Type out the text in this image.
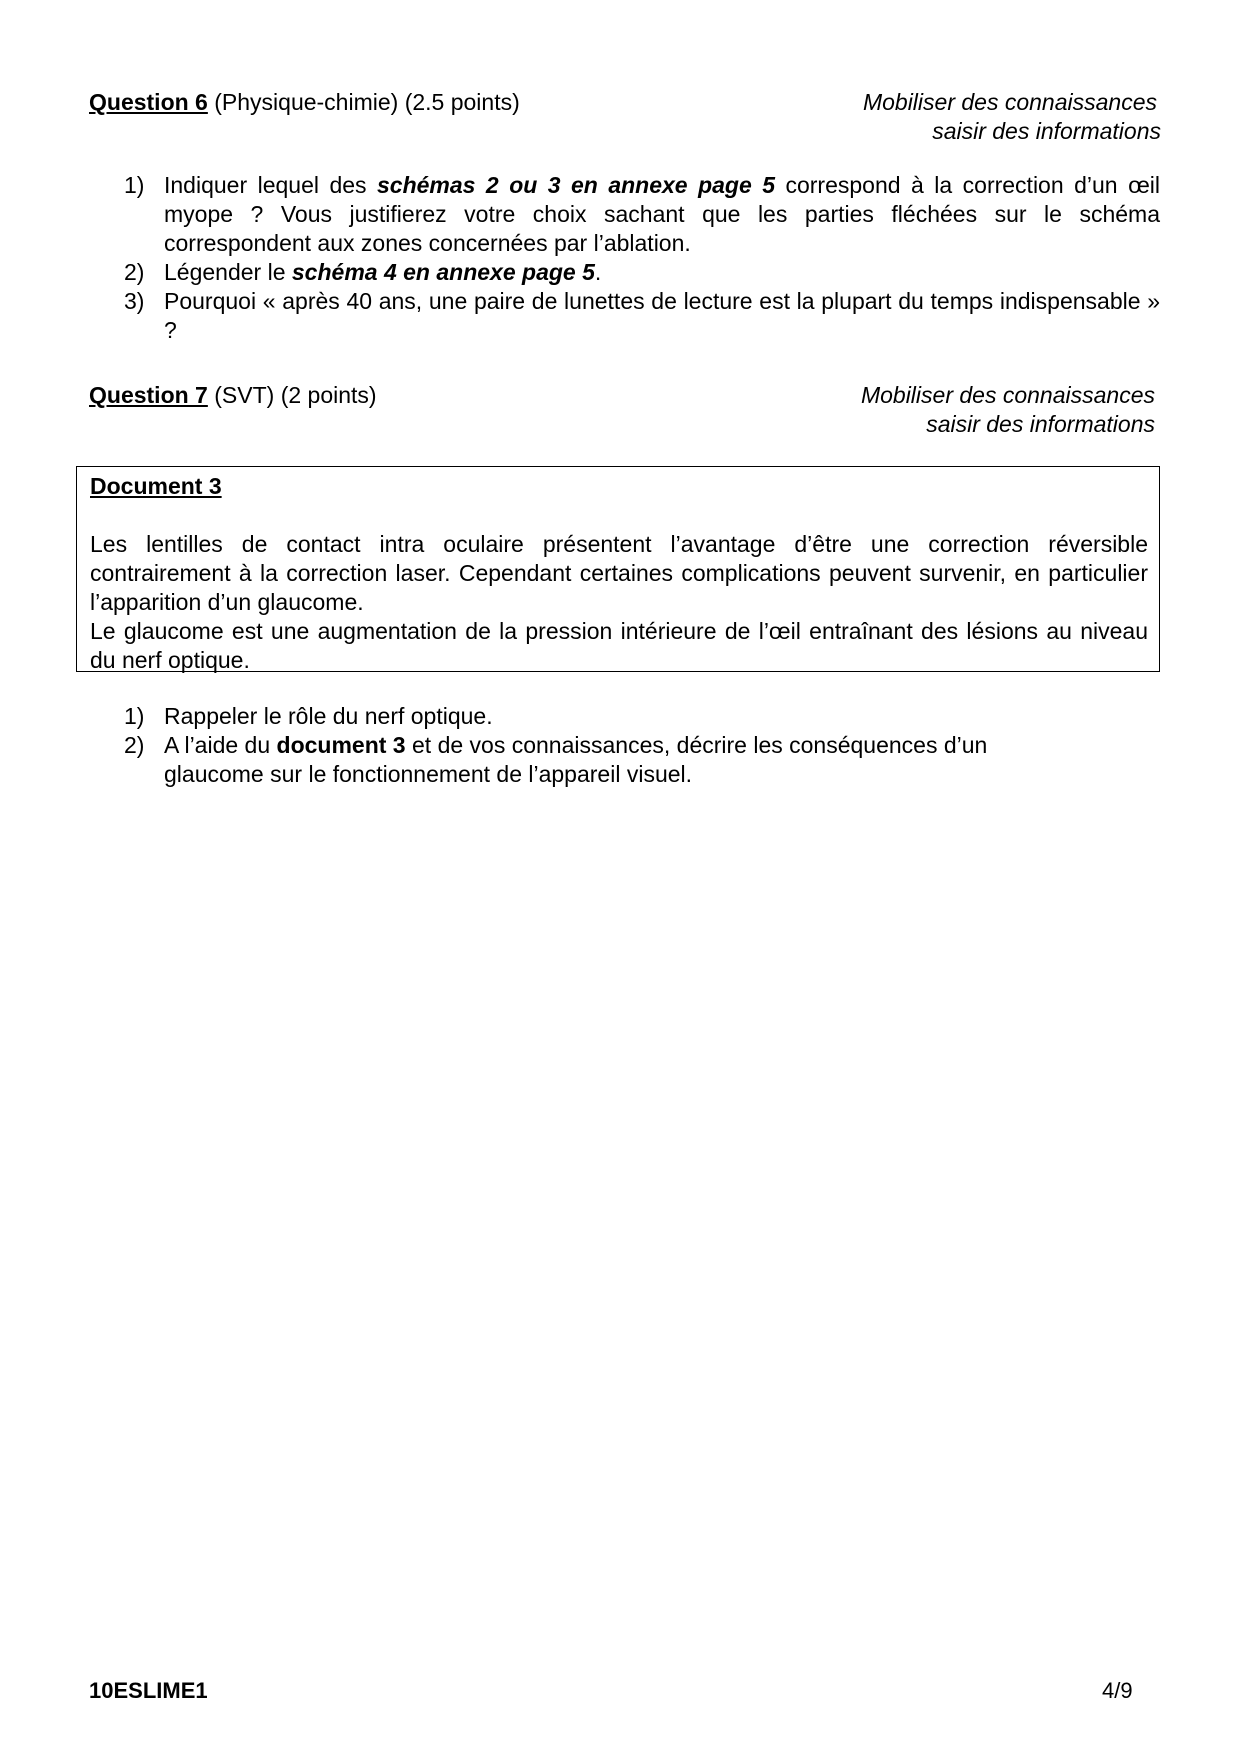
Question 6 (Physique-chimie) (2.5 points)	Mobiliser des connaissances
saisir des informations
1) Indiquer lequel des schémas 2 ou 3 en annexe page 5 correspond à la correction d’un œil myope ? Vous justifierez votre choix sachant que les parties fléchées sur le schéma correspondent aux zones concernées par l’ablation.
2) Légender le schéma 4 en annexe page 5.
3) Pourquoi « après 40 ans, une paire de lunettes de lecture est la plupart du temps indispensable » ?
Question 7 (SVT) (2 points)	Mobiliser des connaissances
saisir des informations
Document 3

Les lentilles de contact intra oculaire présentent l’avantage d’être une correction réversible contrairement à la correction laser. Cependant certaines complications peuvent survenir, en particulier l’apparition d’un glaucome.

Le glaucome est une augmentation de la pression intérieure de l’œil entraînant des lésions au niveau du nerf optique.

1) Rappeler le rôle du nerf optique.
2) A l’aide du document 3 et de vos connaissances, décrire les conséquences d’un glaucome sur le fonctionnement de l’appareil visuel.
10ESLIME1	4/9
